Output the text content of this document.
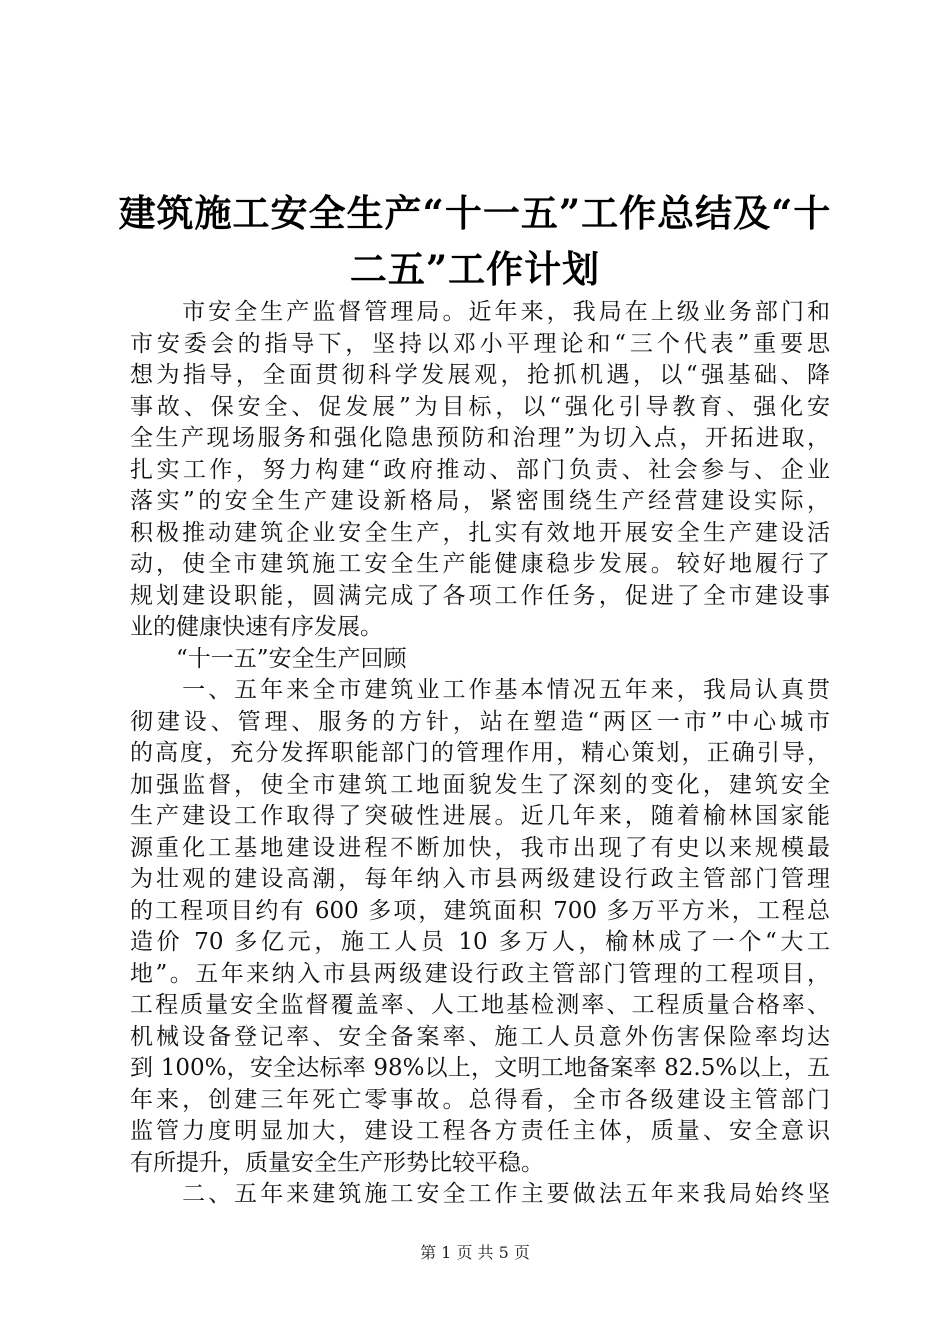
建筑施工安全生产“十一五”工作总结及“十
二五”工作计划
　　市安全生产监督管理局。近年来，我局在上级业务部门和
市安委会的指导下，坚持以邓小平理论和“三个代表”重要思
想为指导，全面贯彻科学发展观，抢抓机遇，以“强基础、降
事故、保安全、促发展”为目标，以“强化引导教育、强化安
全生产现场服务和强化隐患预防和治理”为切入点，开拓进取，
扎实工作，努力构建“政府推动、部门负责、社会参与、企业
落实”的安全生产建设新格局，紧密围绕生产经营建设实际，
积极推动建筑企业安全生产，扎实有效地开展安全生产建设活
动，使全市建筑施工安全生产能健康稳步发展。较好地履行了
规划建设职能，圆满完成了各项工作任务，促进了全市建设事
业的健康快速有序发展。
　　“十一五”安全生产回顾
　　一、五年来全市建筑业工作基本情况五年来，我局认真贯
彻建设、管理、服务的方针，站在塑造“两区一市”中心城市
的高度，充分发挥职能部门的管理作用，精心策划，正确引导，
加强监督，使全市建筑工地面貌发生了深刻的变化，建筑安全
生产建设工作取得了突破性进展。近几年来，随着榆林国家能
源重化工基地建设进程不断加快，我市出现了有史以来规模最
为壮观的建设高潮，每年纳入市县两级建设行政主管部门管理
的工程项目约有 600 多项，建筑面积 700 多万平方米，工程总
造价 70 多亿元，施工人员 10 多万人，榆林成了一个“大工
地”。五年来纳入市县两级建设行政主管部门管理的工程项目，
工程质量安全监督覆盖率、人工地基检测率、工程质量合格率、
机械设备登记率、安全备案率、施工人员意外伤害保险率均达
到 100%，安全达标率 98%以上，文明工地备案率 82.5%以上，五
年来，创建三年死亡零事故。总得看，全市各级建设主管部门
监管力度明显加大，建设工程各方责任主体，质量、安全意识
有所提升，质量安全生产形势比较平稳。
　　二、五年来建筑施工安全工作主要做法五年来我局始终坚
第 1 页 共 5 页
